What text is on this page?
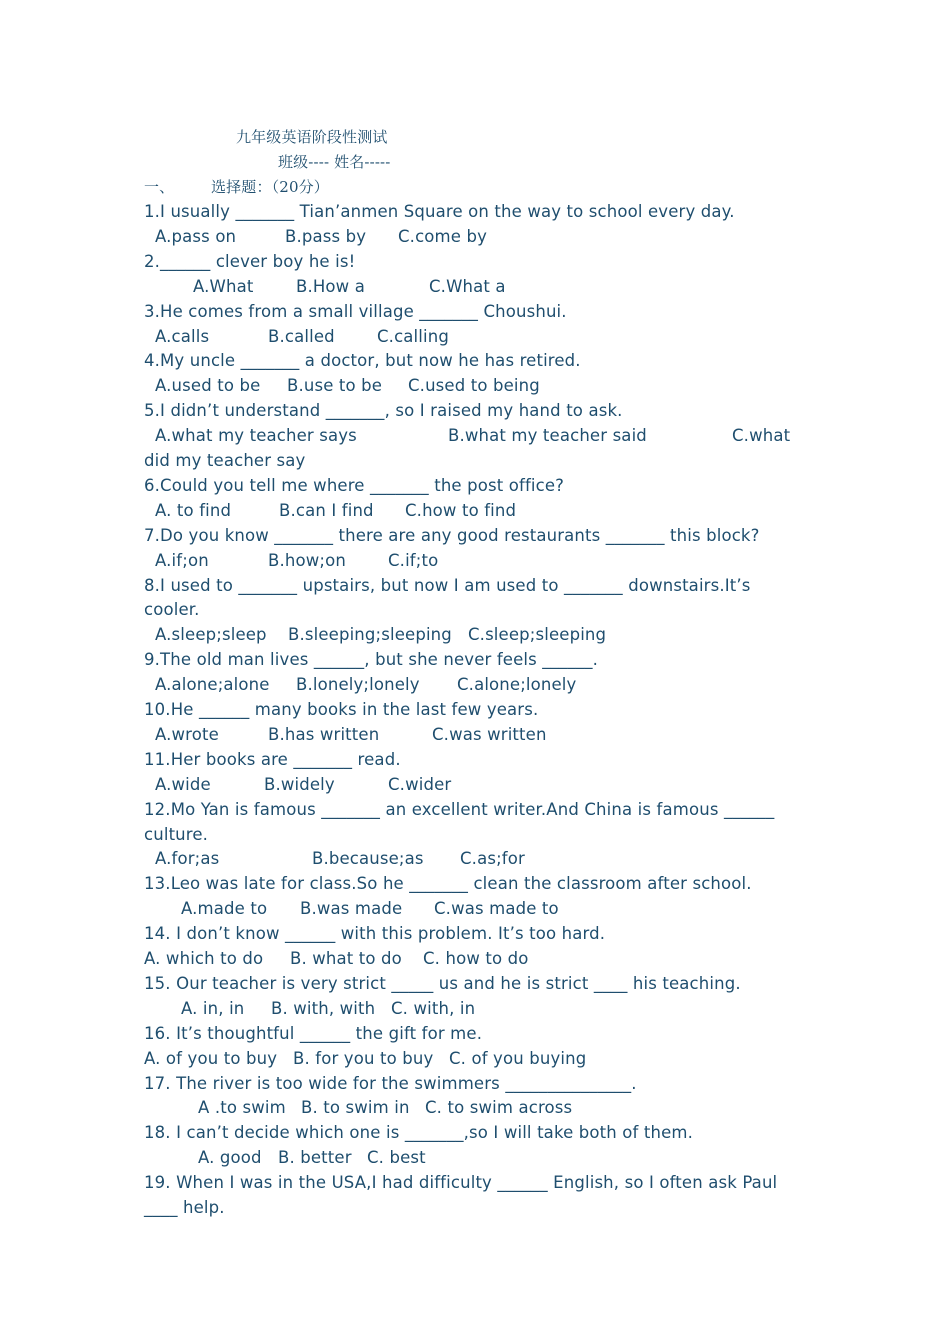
九年级英语阶段性测试
班级---- 姓名-----
一、 选择题：（20分）
1.I usually _______ Tian’anmen Square on the way to school every day.
A.pass on	B.pass by C.come by
2.______ clever boy he is!
A.What	B.How a	C.What a
3.He comes from a small village _______ Choushui.
A.calls	B.called	C.calling
4.My uncle _______ a doctor, but now he has retired.
A.used to be B.use to be C.used to being
5.I didn’t understand _______, so I raised my hand to ask.
A.what my teacher says	B.what my teacher said	C.what
did my teacher say
6.Could you tell me where _______ the post office?
A. to find	B.can I find C.how to find
7.Do you know _______ there are any good restaurants _______ this block?
A.if;on	B.how;on	C.if;to
8.I used to _______ upstairs, but now I am used to _______ downstairs.It’s
cooler.
A.sleep;sleep B.sleeping;sleeping C.sleep;sleeping
9.The old man lives ______, but she never feels ______.
A.alone;alone B.lonely;lonely C.alone;lonely
10.He ______ many books in the last few years.
A.wrote	B.has written	C.was written
11.Her books are _______ read.
A.wide	B.widely	C.wider
12.Mo Yan is famous _______ an excellent writer.And China is famous ______
culture.
A.for;as	B.because;as C.as;for
13.Leo was late for class.So he _______ clean the classroom after school.
A.made to B.was made C.was made to
14. I don’t know ______ with this problem. It’s too hard.
A. which to do B. what to do C. how to do
15. Our teacher is very strict _____ us and he is strict ____ his teaching.
A. in, in B. with, with C. with, in
16. It’s thoughtful ______ the gift for me.
A. of you to buy B. for you to buy C. of you buying
17. The river is too wide for the swimmers _______________.
A .to swim B. to swim in C. to swim across
18. I can’t decide which one is _______,so I will take both of them.
A. good B. better C. best
19. When I was in the USA,I had difficulty ______ English, so I often ask Paul
____ help.
